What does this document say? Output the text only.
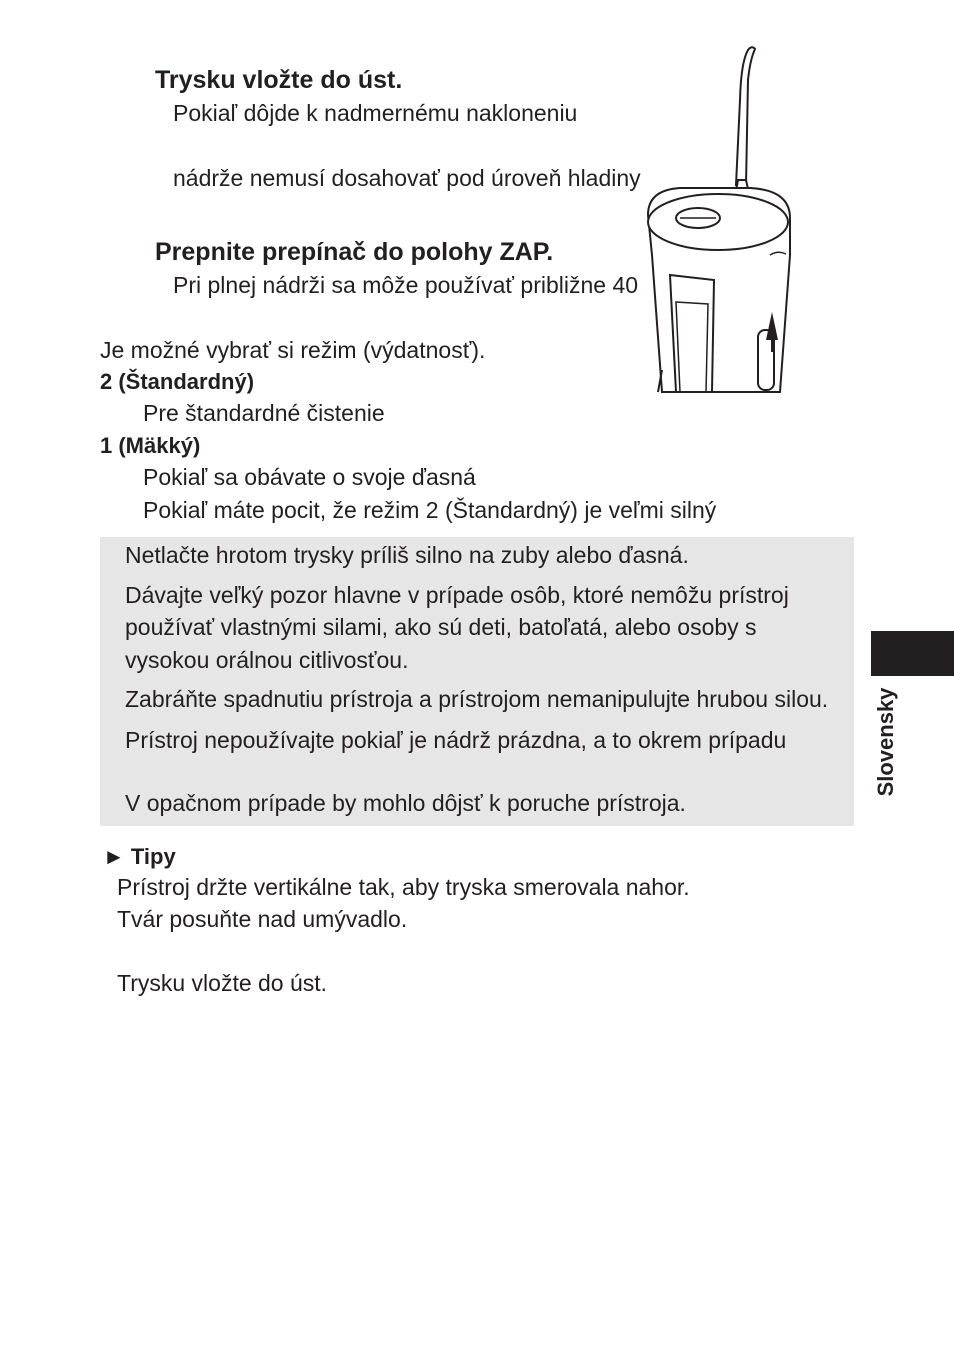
Trysku vložte do úst.
Pokiaľ dôjde k nadmernému nakloneniu
nádrže nemusí dosahovať pod úroveň hladiny
Prepnite prepínač do polohy ZAP.
Pri plnej nádrži sa môže používať približne 40
Je možné vybrať si režim (výdatnosť).
2 (Štandardný)
Pre štandardné čistenie
1 (Mäkký)
Pokiaľ sa obávate o svoje ďasná
Pokiaľ máte pocit, že režim 2 (Štandardný) je veľmi silný
Netlačte hrotom trysky príliš silno na zuby alebo ďasná.
Dávajte veľký pozor hlavne v prípade osôb, ktoré nemôžu prístroj
používať vlastnými silami, ako sú deti, batoľatá, alebo osoby s
vysokou orálnou citlivosťou.
Zabráňte spadnutiu prístroja a prístrojom nemanipulujte hrubou silou.
Prístroj nepoužívajte pokiaľ je nádrž prázdna, a to okrem prípadu
V opačnom prípade by mohlo dôjsť k poruche prístroja.
► Tipy
Prístroj držte vertikálne tak, aby tryska smerovala nahor.
Tvár posuňte nad umývadlo.
Trysku vložte do úst.
Slovensky
